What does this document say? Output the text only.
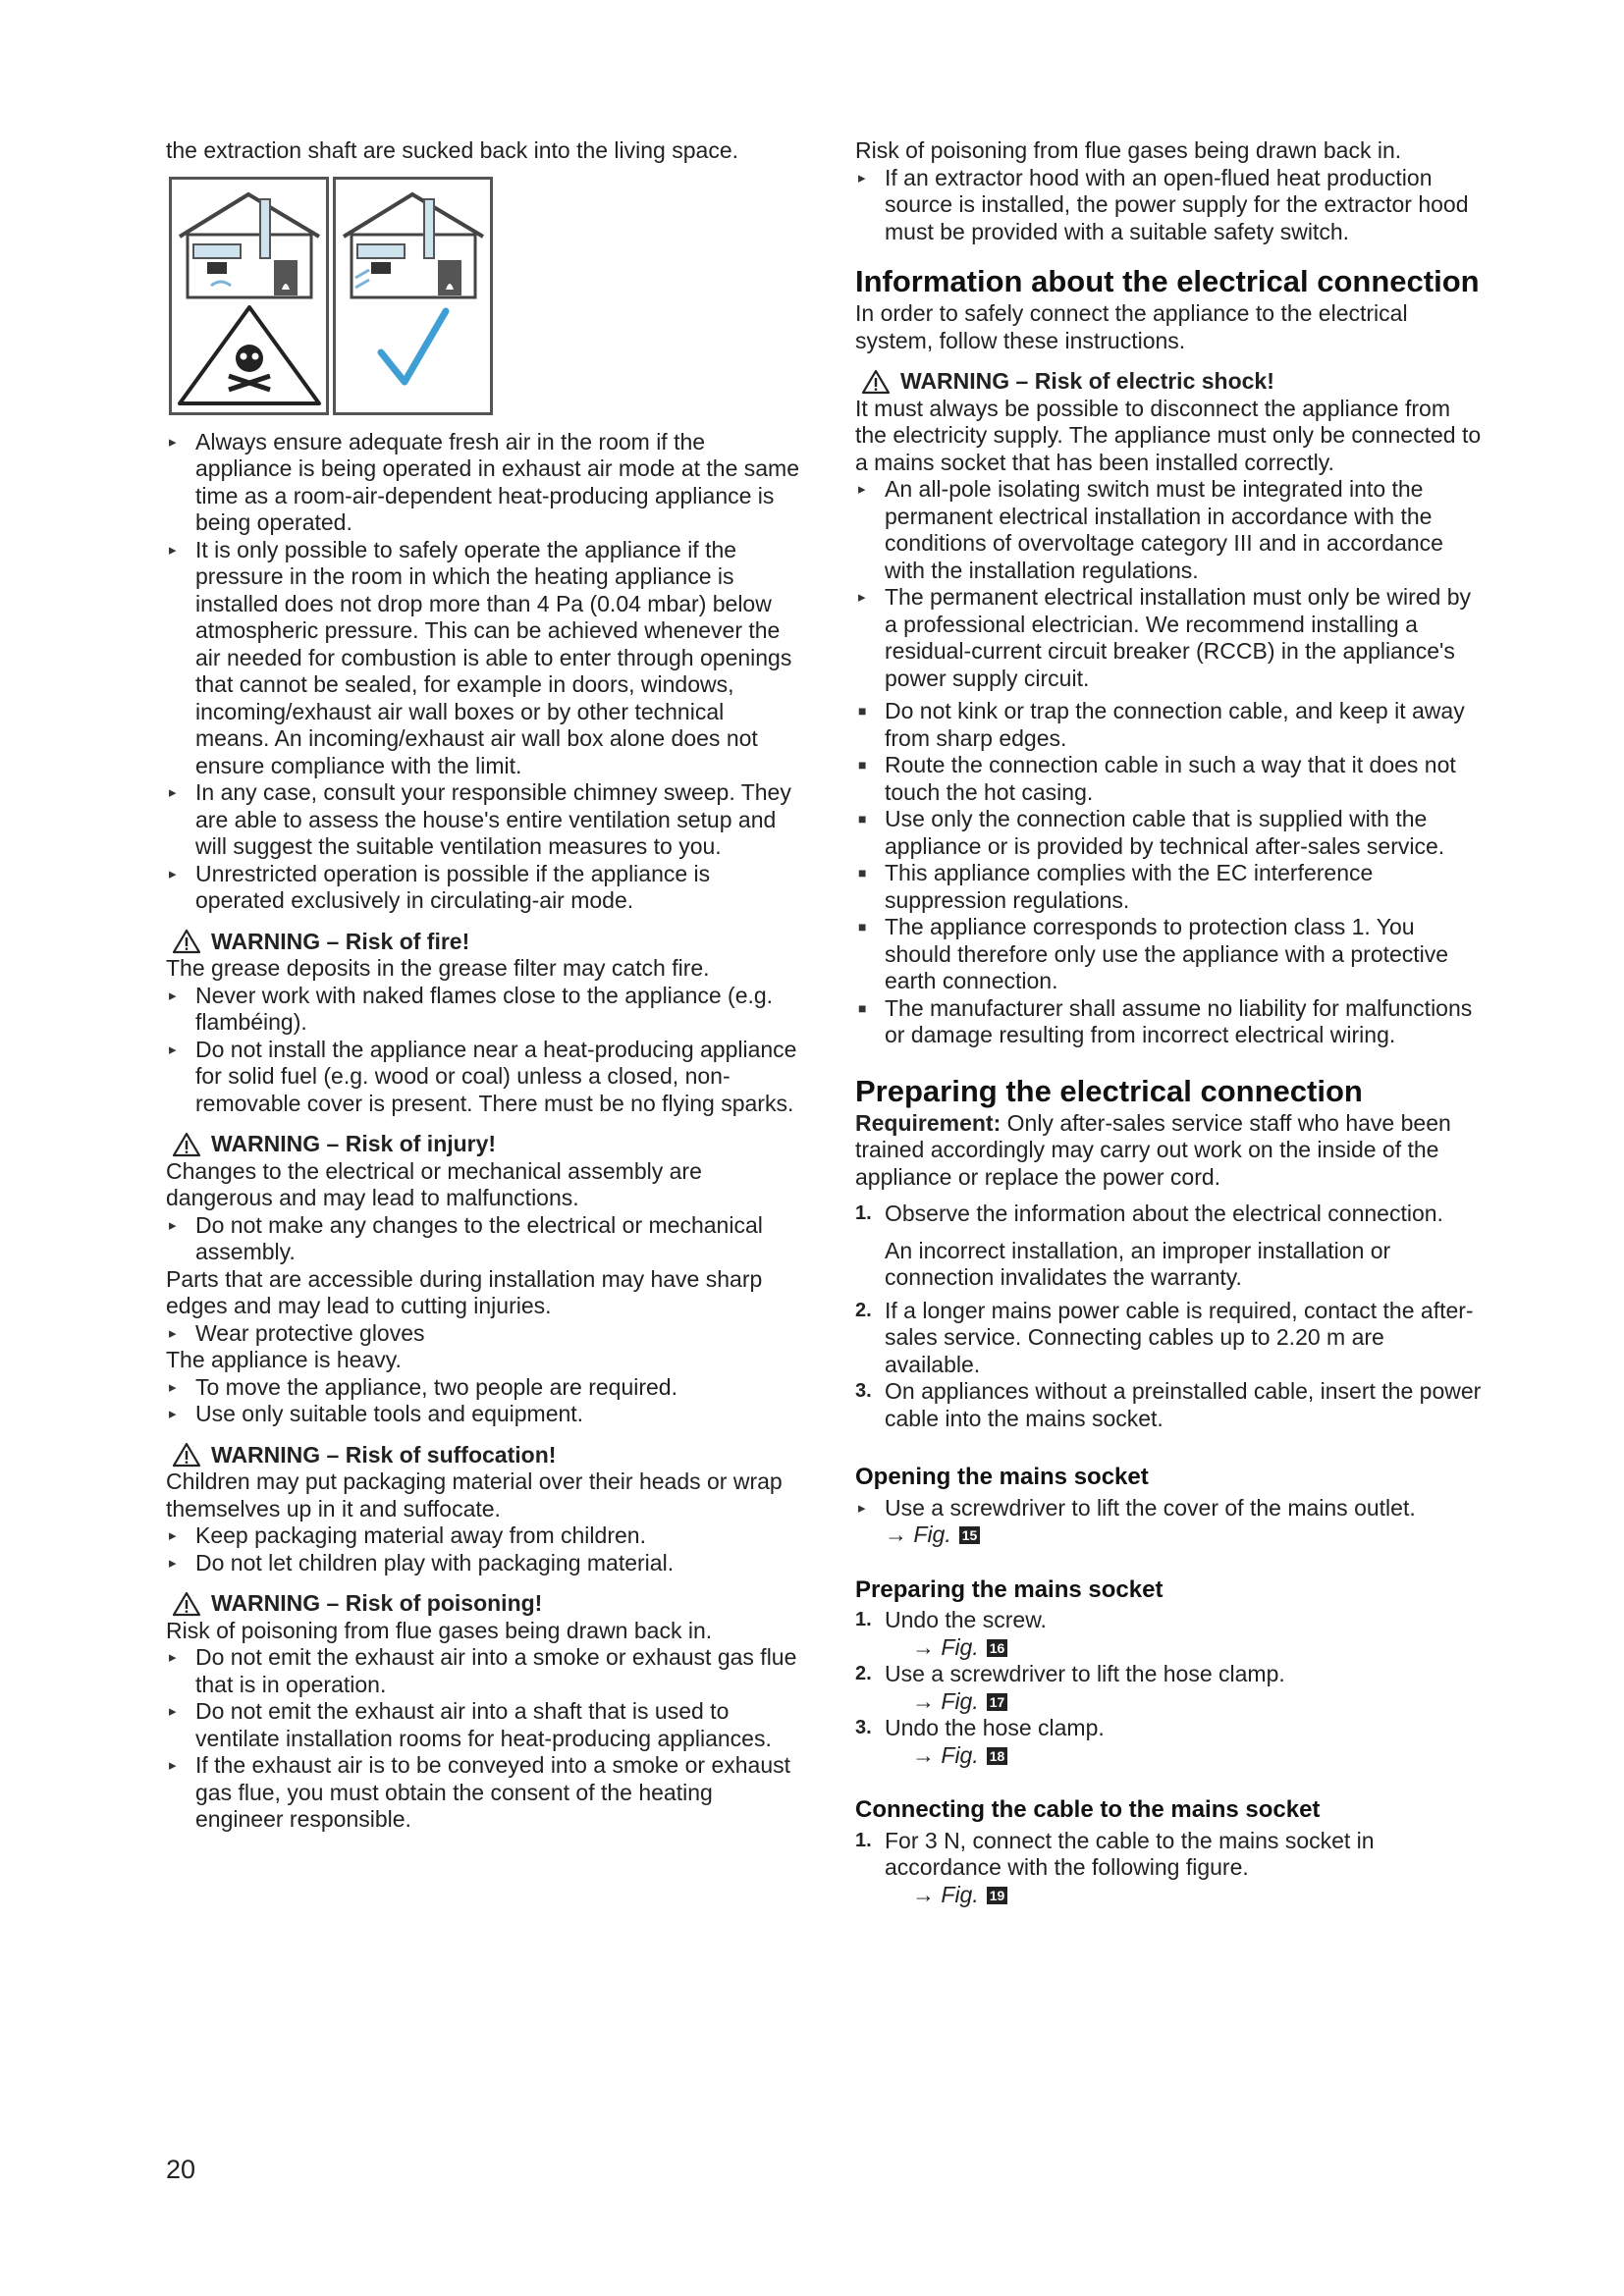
the extraction shaft are sucked back into the living space.

▸ Always ensure adequate fresh air in the room if the appliance is being operated in exhaust air mode at the same time as a room-air-dependent heat-producing appliance is being operated.
▸ It is only possible to safely operate the appliance if the pressure in the room in which the heating appliance is installed does not drop more than 4 Pa (0.04 mbar) below atmospheric pressure. This can be achieved whenever the air needed for combustion is able to enter through openings that cannot be sealed, for example in doors, windows, incoming/exhaust air wall boxes or by other technical means. An incoming/exhaust air wall box alone does not ensure compliance with the limit.
▸ In any case, consult your responsible chimney sweep. They are able to assess the house's entire ventilation setup and will suggest the suitable ventilation measures to you.
▸ Unrestricted operation is possible if the appliance is operated exclusively in circulating-air mode.
WARNING – Risk of fire!

The grease deposits in the grease filter may catch fire.

▸ Never work with naked flames close to the appliance (e.g. flambéing).
▸ Do not install the appliance near a heat-producing appliance for solid fuel (e.g. wood or coal) unless a closed, non-removable cover is present. There must be no flying sparks.
WARNING – Risk of injury!

Changes to the electrical or mechanical assembly are dangerous and may lead to malfunctions.

▸ Do not make any changes to the electrical or mechanical assembly.

Parts that are accessible during installation may have sharp edges and may lead to cutting injuries.

▸ Wear protective gloves

The appliance is heavy.

▸ To move the appliance, two people are required.
▸ Use only suitable tools and equipment.
WARNING – Risk of suffocation!

Children may put packaging material over their heads or wrap themselves up in it and suffocate.

▸ Keep packaging material away from children.
▸ Do not let children play with packaging material.
WARNING – Risk of poisoning!

Risk of poisoning from flue gases being drawn back in.

▸ Do not emit the exhaust air into a smoke or exhaust gas flue that is in operation.
▸ Do not emit the exhaust air into a shaft that is used to ventilate installation rooms for heat-producing appliances.
▸ If the exhaust air is to be conveyed into a smoke or exhaust gas flue, you must obtain the consent of the heating engineer responsible.

Risk of poisoning from flue gases being drawn back in.

▸ If an extractor hood with an open-flued heat production source is installed, the power supply for the extractor hood must be provided with a suitable safety switch.
Information about the electrical connection

In order to safely connect the appliance to the electrical system, follow these instructions.

WARNING – Risk of electric shock!

It must always be possible to disconnect the appliance from the electricity supply. The appliance must only be connected to a mains socket that has been installed correctly.

▸ An all-pole isolating switch must be integrated into the permanent electrical installation in accordance with the conditions of overvoltage category III and in accordance with the installation regulations.
▸ The permanent electrical installation must only be wired by a professional electrician. We recommend installing a residual-current circuit breaker (RCCB) in the appliance's power supply circuit.
■ Do not kink or trap the connection cable, and keep it away from sharp edges.
■ Route the connection cable in such a way that it does not touch the hot casing.
■ Use only the connection cable that is supplied with the appliance or is provided by technical after-sales service.
■ This appliance complies with the EC interference suppression regulations.
■ The appliance corresponds to protection class 1. You should therefore only use the appliance with a protective earth connection.
■ The manufacturer shall assume no liability for malfunctions or damage resulting from incorrect electrical wiring.
Preparing the electrical connection

Requirement: Only after-sales service staff who have been trained accordingly may carry out work on the inside of the appliance or replace the power cord.

1. Observe the information about the electrical connection.

An incorrect installation, an improper installation or connection invalidates the warranty.

2. If a longer mains power cable is required, contact the after-sales service. Connecting cables up to 2.20 m are available.
3. On appliances without a preinstalled cable, insert the power cable into the mains socket.
Opening the mains socket
▸ Use a screwdriver to lift the cover of the mains outlet.
→ Fig. 15
Preparing the mains socket
1. Undo the screw.
→ Fig. 16
2. Use a screwdriver to lift the hose clamp.
→ Fig. 17
3. Undo the hose clamp.
→ Fig. 18
Connecting the cable to the mains socket
1. For 3 N, connect the cable to the mains socket in accordance with the following figure.
→ Fig. 19
20
